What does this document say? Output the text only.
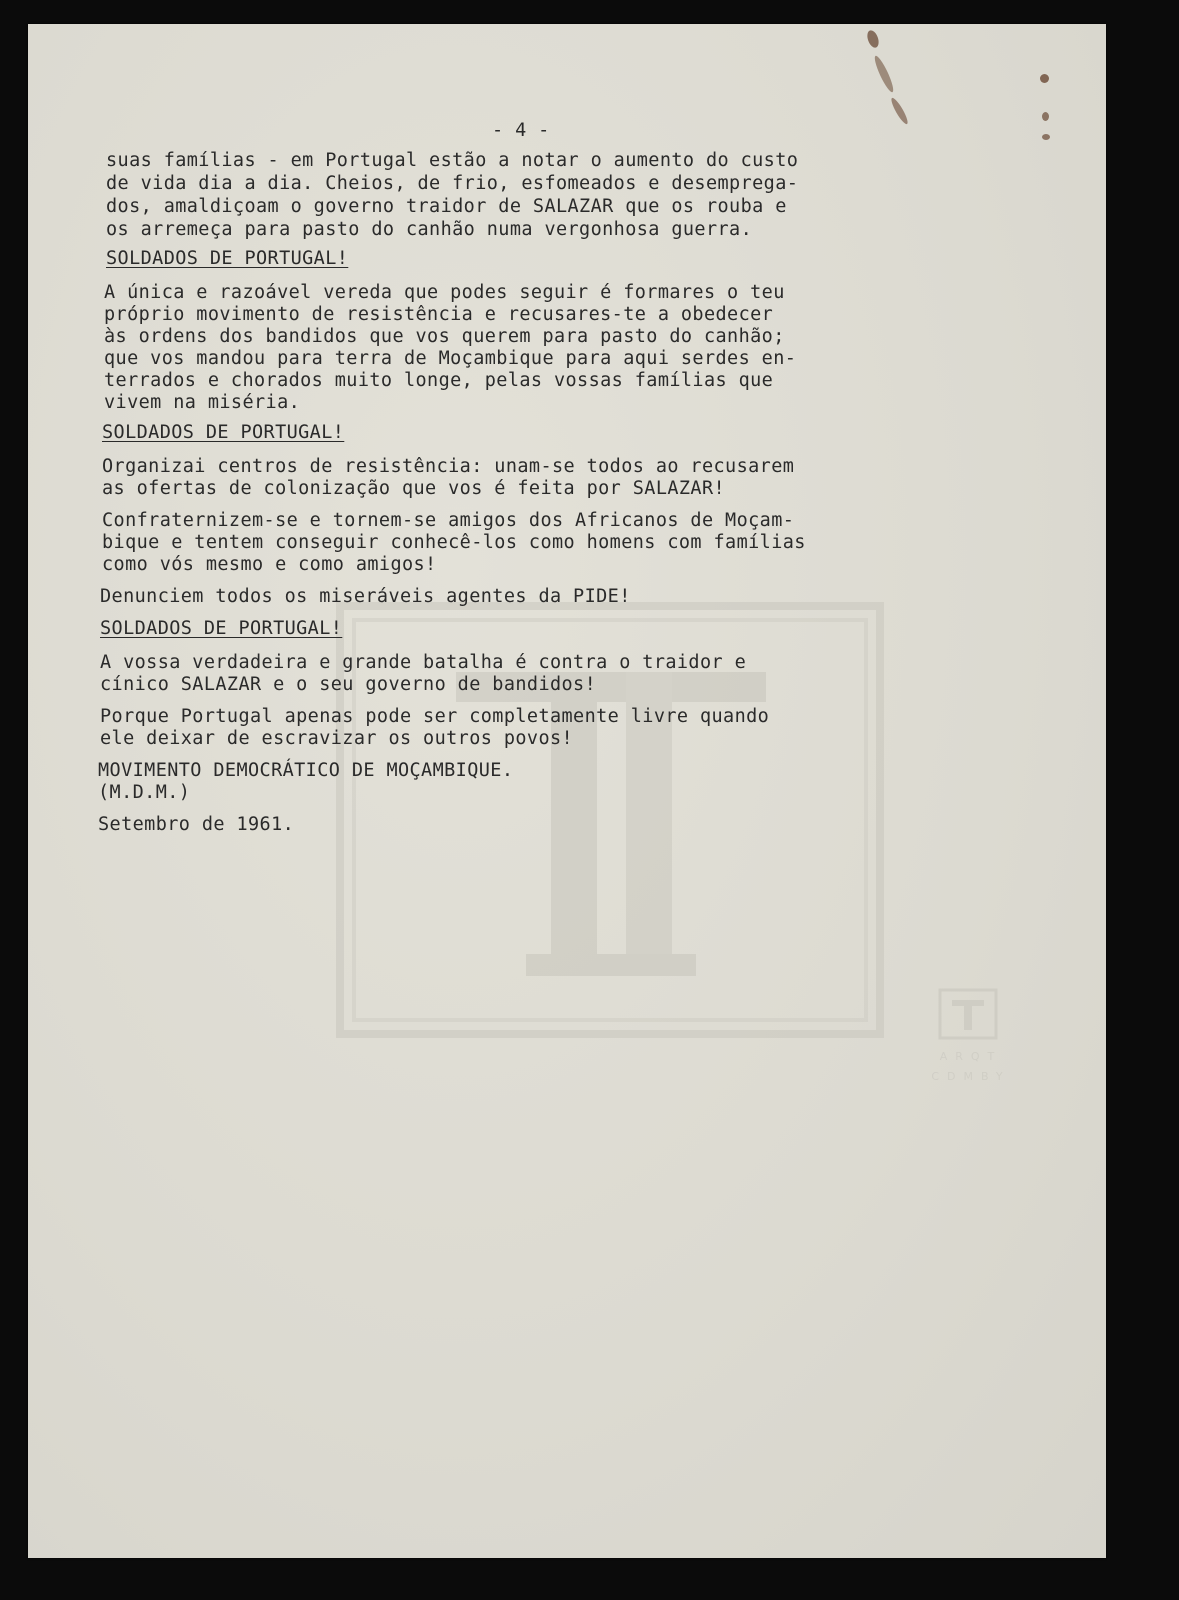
ARQT
CDMBY

- 4 -

suas famílias - em Portugal estão a notar o aumento do custo

de vida dia a dia. Cheios, de frio, esfomeados e desemprega-

dos, amaldiçoam o governo traidor de SALAZAR que os rouba e

os arremeça para pasto do canhão numa vergonhosa guerra.

SOLDADOS DE PORTUGAL!

A única e razoável vereda que podes seguir é formares o teu

próprio movimento de resistência e recusares-te a obedecer

às ordens dos bandidos que vos querem para pasto do canhão;

que vos mandou para terra de Moçambique para aqui serdes en-

terrados e chorados muito longe, pelas vossas famílias que

vivem na miséria.

SOLDADOS DE PORTUGAL!

Organizai centros de resistência: unam-se todos ao recusarem

as ofertas de colonização que vos é feita por SALAZAR!

Confraternizem-se e tornem-se amigos dos Africanos de Moçam-

bique e tentem conseguir conhecê-los como homens com famílias

como vós mesmo e como amigos!

Denunciem todos os miseráveis agentes da PIDE!

SOLDADOS DE PORTUGAL!

A vossa verdadeira e grande batalha é contra o traidor e

cínico SALAZAR e o seu governo de bandidos!

Porque Portugal apenas pode ser completamente livre quando

ele deixar de escravizar os outros povos!

MOVIMENTO DEMOCRÁTICO DE MOÇAMBIQUE.

(M.D.M.)

Setembro de 1961.
